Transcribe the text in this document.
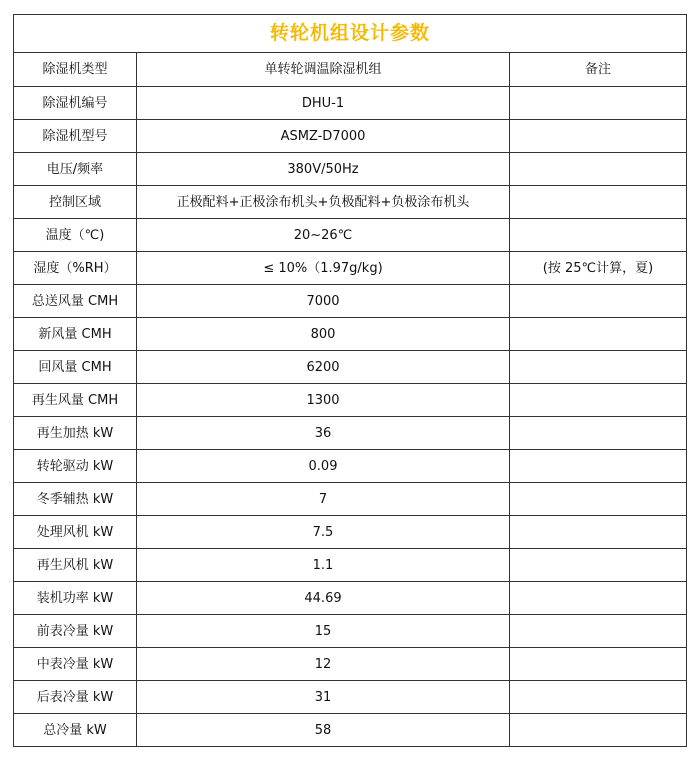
转轮机组设计参数		
除湿机类型	单转轮调温除湿机组	备注
除湿机编号	DHU-1	
除湿机型号	ASMZ-D7000	
电压/频率	380V/50Hz	
控制区域	正极配料+正极涂布机头+负极配料+负极涂布机头	
温度（℃)	20~26℃	
湿度（%RH）	≤ 10%（1.97g/kg)	(按 25℃计算，夏)
总送风量 CMH	7000	
新风量 CMH	800	
回风量 CMH	6200	
再生风量 CMH	1300	
再生加热 kW	36	
转轮驱动 kW	0.09	
冬季辅热 kW	7	
处理风机 kW	7.5	
再生风机 kW	1.1	
装机功率 kW	44.69	
前表冷量 kW	15	
中表冷量 kW	12	
后表冷量 kW	31	
总冷量 kW	58	
